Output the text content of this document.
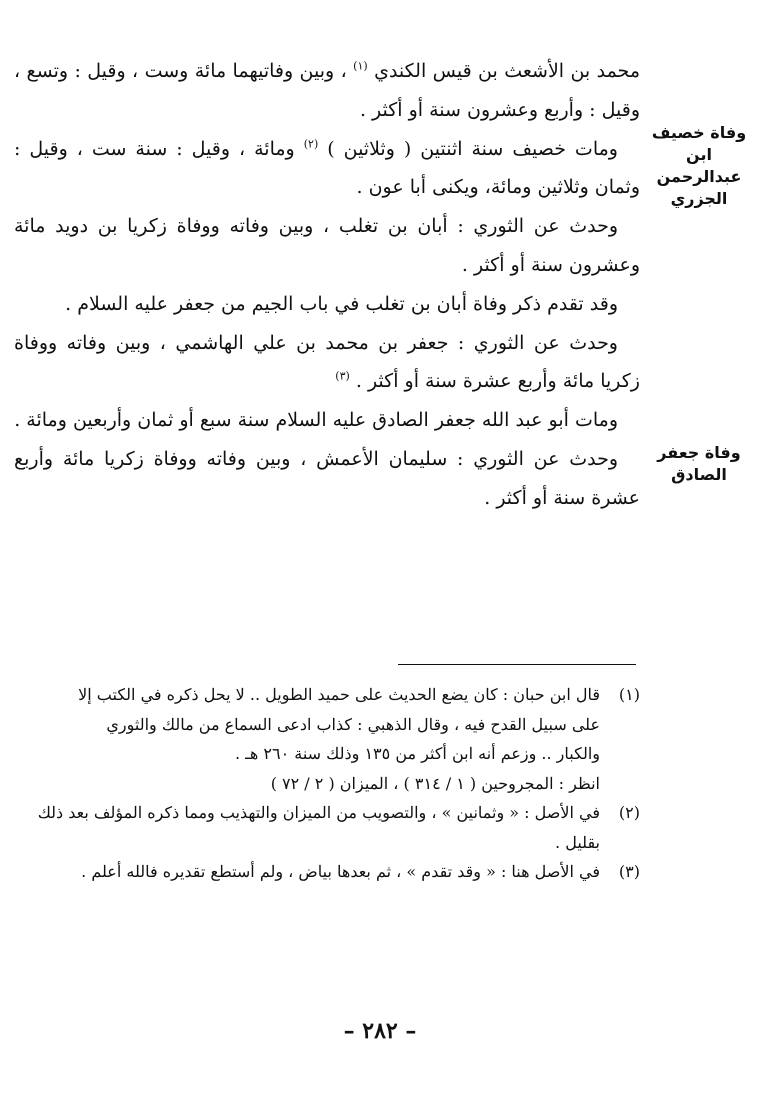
محمد بن الأشعث بن قيس الكندي $^{(١)}$ ، وبين وفاتيهما مائة وست ، وقيل : وتسع ، وقيل : وأربع وعشرون سنة أو أكثر .

ومات خصيف سنة اثنتين ( وثلاثين ) $^{(٢)}$ ومائة ، وقيل : سنة ست ، وقيل : وثمان وثلاثين ومائة، ويكنى أبا عون .

وحدث عن الثوري : أبان بن تغلب ، وبين وفاته ووفاة زكريا بن دويد مائة وعشرون سنة أو أكثر .

وقد تقدم ذكر وفاة أبان بن تغلب في باب الجيم من جعفر عليه السلام .

وحدث عن الثوري : جعفر بن محمد بن علي الهاشمي ، وبين وفاته ووفاة زكريا مائة وأربع عشرة سنة أو أكثر . $^{(٣)}$

ومات أبو عبد الله جعفر الصادق عليه السلام سنة سبع أو ثمان وأربعين ومائة .

وحدث عن الثوري : سليمان الأعمش ، وبين وفاته ووفاة زكريا مائة وأربع عشرة سنة أو أكثر .

وفاة خصيف
ابن عبدالرحمن
الجزري
وفاة جعفر
الصادق
(١)
قال ابن حبان : كان يضع الحديث على حميد الطويل .. لا يحل ذكره في الكتب إلا
على سبيل القدح فيه ، وقال الذهبي : كذاب ادعى السماع من مالك والثوري
والكبار .. وزعم أنه ابن أكثر من ١٣٥ وذلك سنة ٢٦٠ هـ .
انظر : المجروحين ( ١ / ٣١٤ ) ، الميزان ( ٢ / ٧٢ )
(٢)
في الأصل : « وثمانين » ، والتصويب من الميزان والتهذيب ومما ذكره المؤلف بعد ذلك
بقليل .
(٣)
في الأصل هنا : « وقد تقدم » ، ثم بعدها بياض ، ولم أستطع تقديره فالله أعلم .
– ٢٨٢ –
